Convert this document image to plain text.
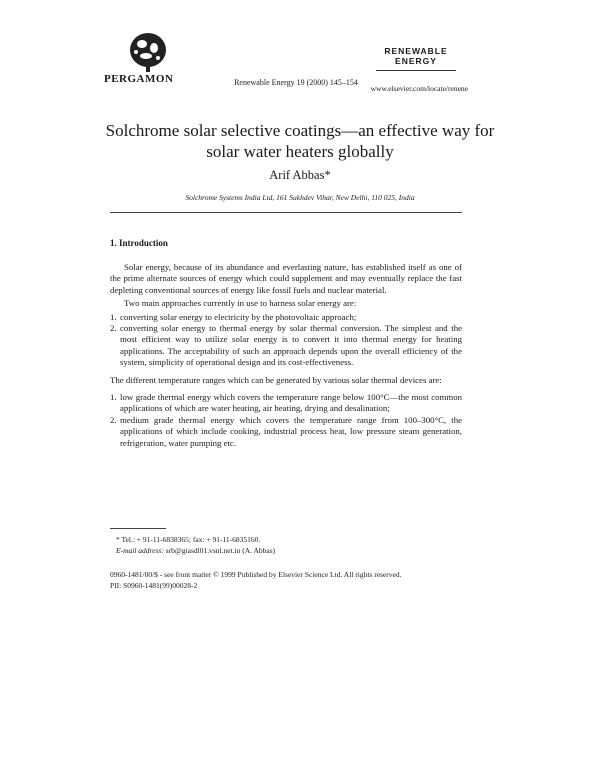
PERGAMON	Renewable Energy 19 (2000) 145–154
RENEWABLE
ENERGY
www.elsevier.com/locate/renene
Solchrome solar selective coatings—an effective way for solar water heaters globally
Arif Abbas*
Solchrome Systems India Ltd, 161 Sukhdev Vihar, New Delhi, 110 025, India
1. Introduction
Solar energy, because of its abundance and everlasting nature, has established itself as one of the prime alternate sources of energy which could supplement and may eventually replace the fast depleting conventional sources of energy like fossil fuels and nuclear material.
Two main approaches currently in use to harness solar energy are:
1. converting solar energy to electricity by the photovoltaic approach;
2. converting solar energy to thermal energy by solar thermal conversion. The simplest and the most efficient way to utilize solar energy is to convert it into thermal energy for heating applications. The acceptability of such an approach depends upon the overall efficiency of the system, simplicity of operational design and its cost-effectiveness.
The different temperature ranges which can be generated by various solar thermal devices are:
1. low grade thermal energy which covers the temperature range below 100°C—the most common applications of which are water heating, air heating, drying and desalination;
2. medium grade thermal energy which covers the temperature range from 100–300°C, the applications of which include cooking, industrial process heat, low pressure steam generation, refrigeration, water pumping etc.
* Tel.: + 91-11-6838365; fax: + 91-11-6835160.
E-mail address: srb@giasdl01.vsnl.net.in (A. Abbas)
0960-1481/00/$ - see front matter © 1999 Published by Elsevier Science Ltd. All rights reserved.
PII: S0960-1481(99)00028-2
